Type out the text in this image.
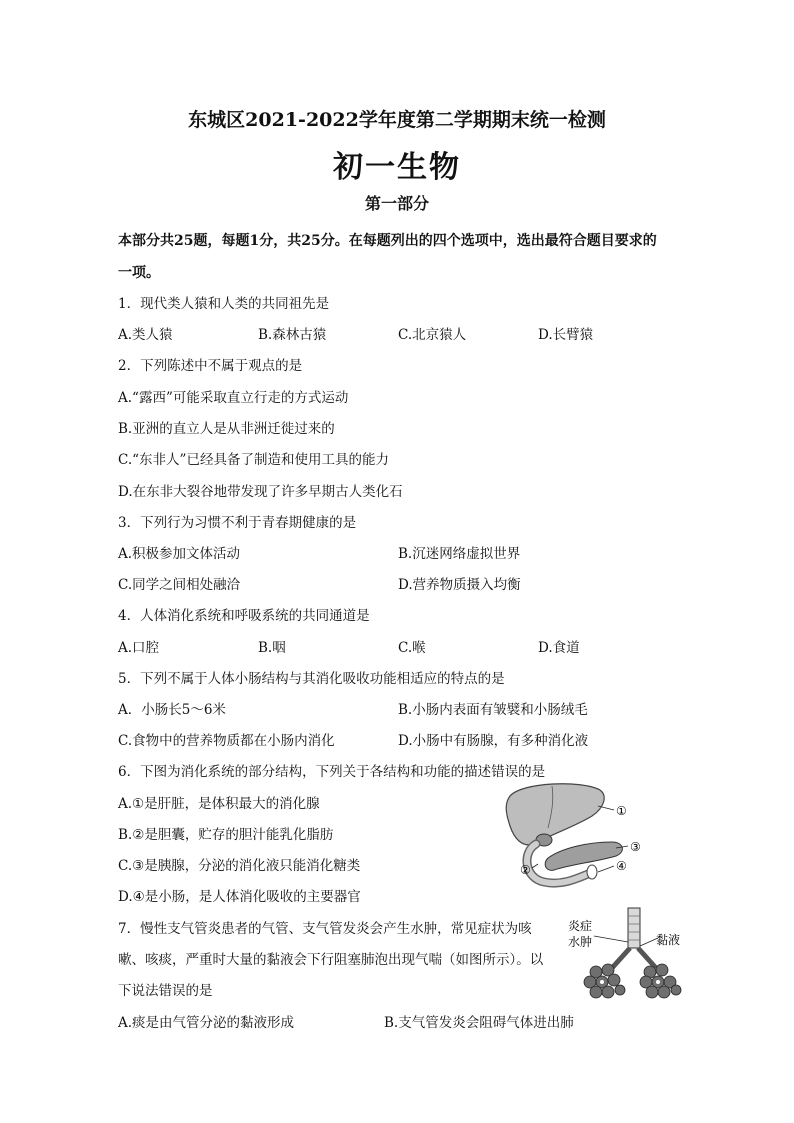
东城区2021-2022学年度第二学期期末统一检测
初一生物
第一部分
本部分共25题，每题1分，共25分。在每题列出的四个选项中，选出最符合题目要求的
一项。
1．现代类人猿和人类的共同祖先是
A.类人猿	B.森林古猿	C.北京猿人	D.长臂猿
2．下列陈述中不属于观点的是
A.“露西”可能采取直立行走的方式运动
B.亚洲的直立人是从非洲迁徙过来的
C.“东非人”已经具备了制造和使用工具的能力
D.在东非大裂谷地带发现了许多早期古人类化石
3．下列行为习惯不利于青春期健康的是
A.积极参加文体活动	B.沉迷网络虚拟世界
C.同学之间相处融洽	D.营养物质摄入均衡
4．人体消化系统和呼吸系统的共同通道是
A.口腔	B.咽	C.喉	D.食道
5．下列不属于人体小肠结构与其消化吸收功能相适应的特点的是
A．小肠长5～6米	B.小肠内表面有皱襞和小肠绒毛
C.食物中的营养物质都在小肠内消化	D.小肠中有肠腺，有多种消化液
6．下图为消化系统的部分结构，下列关于各结构和功能的描述错误的是
A.①是肝脏，是体积最大的消化腺
B.②是胆囊，贮存的胆汁能乳化脂肪
C.③是胰腺，分泌的消化液只能消化糖类
D.④是小肠，是人体消化吸收的主要器官
①
③
②	④
7．慢性支气管炎患者的气管、支气管发炎会产生水肿，常见症状为咳
嗽、咳痰，严重时大量的黏液会下行阻塞肺泡出现气喘（如图所示）。以
下说法错误的是
A.痰是由气管分泌的黏液形成	B.支气管发炎会阻碍气体进出肺
炎症
水肿	黏液
